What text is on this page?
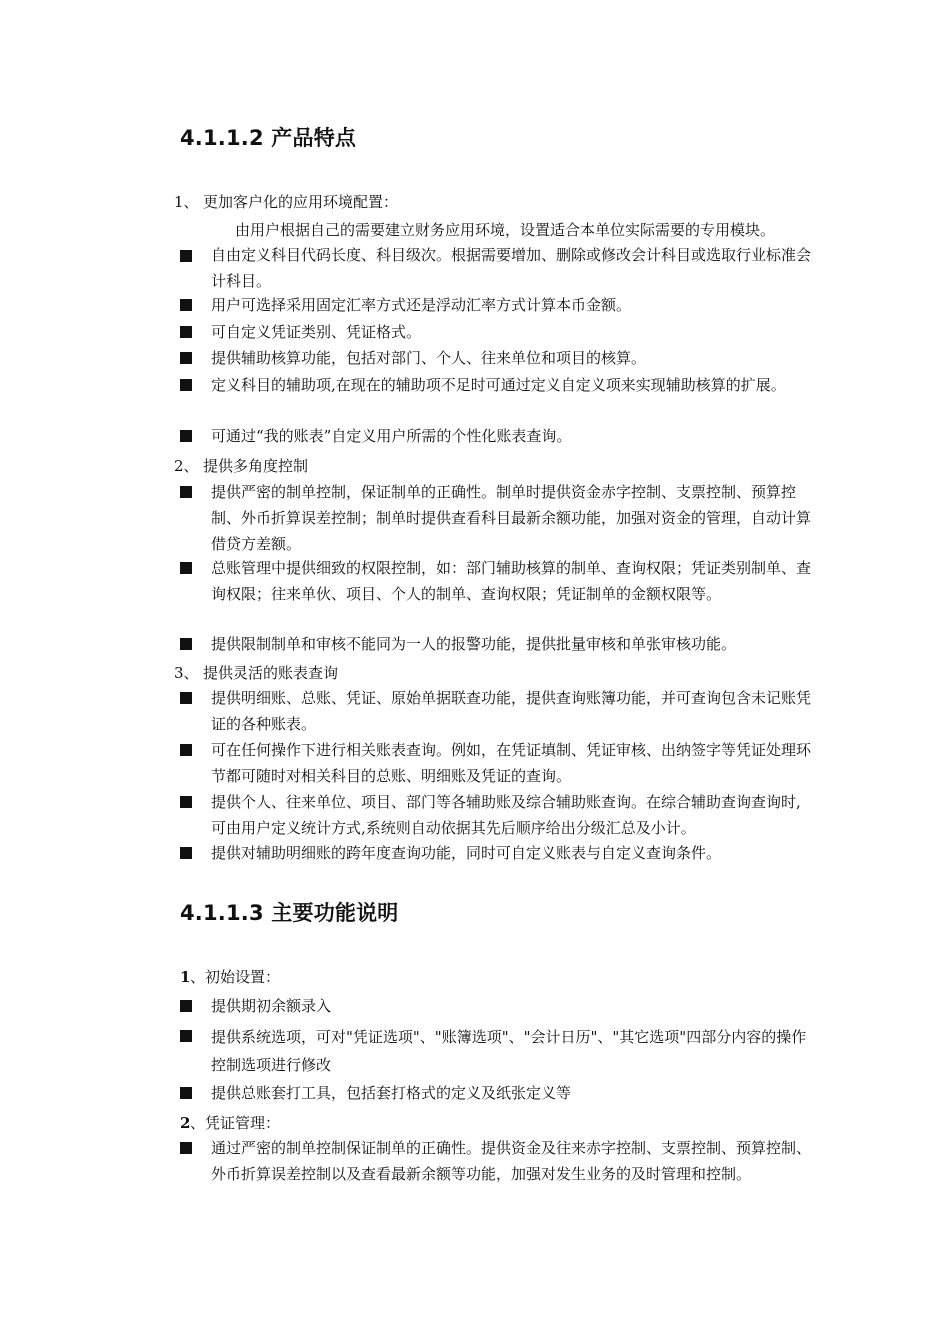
4.1.1.2 产品特点
1、 更加客户化的应用环境配置：
由用户根据自己的需要建立财务应用环境，设置适合本单位实际需要的专用模块。
自由定义科目代码长度、科目级次。根据需要增加、删除或修改会计科目或选取行业标准会计科目。
用户可选择采用固定汇率方式还是浮动汇率方式计算本币金额。
可自定义凭证类别、凭证格式。
提供辅助核算功能，包括对部门、个人、往来单位和项目的核算。
定义科目的辅助项,在现在的辅助项不足时可通过定义自定义项来实现辅助核算的扩展。
可通过“我的账表”自定义用户所需的个性化账表查询。
2、 提供多角度控制
提供严密的制单控制，保证制单的正确性。制单时提供资金赤字控制、支票控制、预算控制、外币折算误差控制；制单时提供查看科目最新余额功能，加强对资金的管理，自动计算借贷方差额。
总账管理中提供细致的权限控制，如：部门辅助核算的制单、查询权限；凭证类别制单、查询权限；往来单伙、项目、个人的制单、查询权限；凭证制单的金额权限等。
提供限制制单和审核不能同为一人的报警功能，提供批量审核和单张审核功能。
3、 提供灵活的账表查询
提供明细账、总账、凭证、原始单据联查功能，提供查询账簿功能，并可查询包含未记账凭证的各种账表。
可在任何操作下进行相关账表查询。例如，在凭证填制、凭证审核、出纳签字等凭证处理环节都可随时对相关科目的总账、明细账及凭证的查询。
提供个人、往来单位、项目、部门等各辅助账及综合辅助账查询。在综合辅助查询查询时,可由用户定义统计方式,系统则自动依据其先后顺序给出分级汇总及小计。
提供对辅助明细账的跨年度查询功能，同时可自定义账表与自定义查询条件。
4.1.1.3 主要功能说明
1 、初始设置：
提供期初余额录入
提供系统选项，可对"凭证选项"、"账簿选项"、"会计日历"、"其它选项"四部分内容的操作控制选项进行修改
提供总账套打工具，包括套打格式的定义及纸张定义等
2 、凭证管理：
通过严密的制单控制保证制单的正确性。提供资金及往来赤字控制、支票控制、预算控制、外币折算误差控制以及查看最新余额等功能，加强对发生业务的及时管理和控制。
